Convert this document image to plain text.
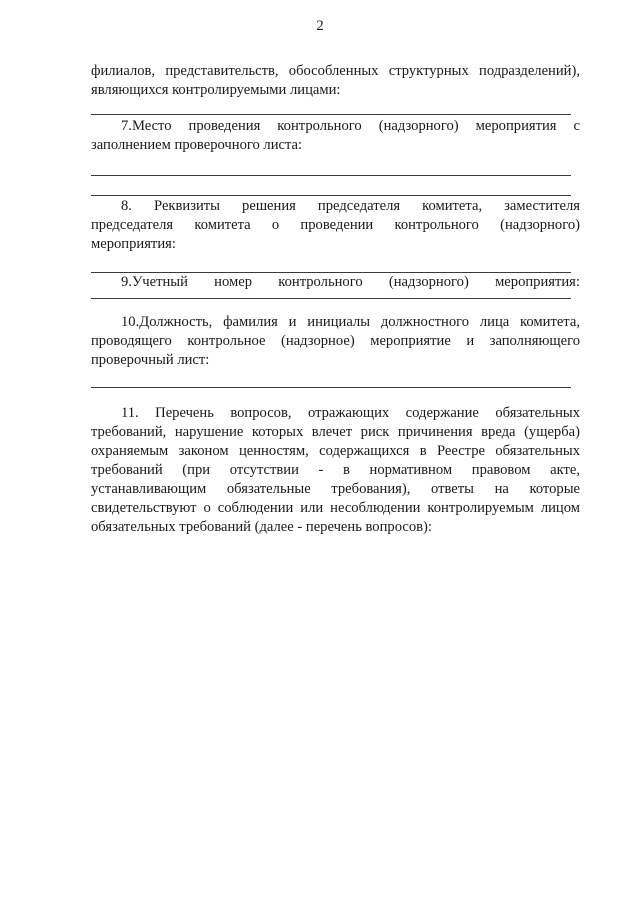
2
филиалов, представительств, обособленных структурных подразделений),
являющихся контролируемыми лицами:
7.Место проведения контрольного (надзорного) мероприятия с
заполнением проверочного листа:
8. Реквизиты решения председателя комитета, заместителя
председателя комитета о проведении контрольного (надзорного)
мероприятия:
9.Учетный номер контрольного (надзорного) мероприятия:
10.Должность, фамилия и инициалы должностного лица комитета,
проводящего контрольное (надзорное) мероприятие и заполняющего
проверочный лист:
11. Перечень вопросов, отражающих содержание обязательных
требований, нарушение которых влечет риск причинения вреда (ущерба)
охраняемым законом ценностям, содержащихся в Реестре обязательных
требований (при отсутствии - в нормативном правовом акте,
устанавливающим обязательные требования), ответы на которые
свидетельствуют о соблюдении или несоблюдении контролируемым лицом
обязательных требований (далее - перечень вопросов):
